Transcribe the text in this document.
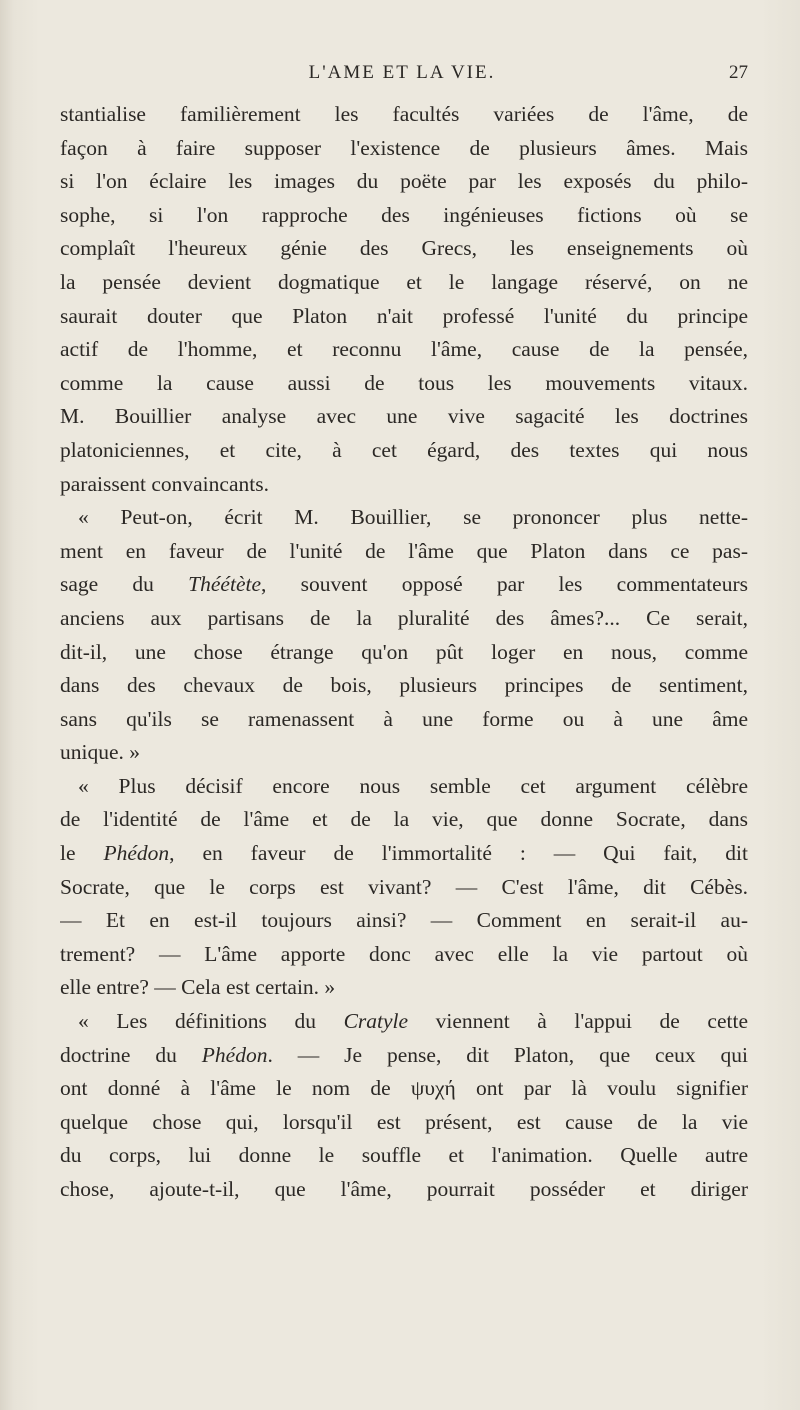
L'AME ET LA VIE.	27
stantialise familièrement les facultés variées de l'âme, de
façon à faire supposer l'existence de plusieurs âmes. Mais
si l'on éclaire les images du poëte par les exposés du philo-
sophe, si l'on rapproche des ingénieuses fictions où se
complaît l'heureux génie des Grecs, les enseignements où
la pensée devient dogmatique et le langage réservé, on ne
saurait douter que Platon n'ait professé l'unité du principe
actif de l'homme, et reconnu l'âme, cause de la pensée,
comme la cause aussi de tous les mouvements vitaux.
M. Bouillier analyse avec une vive sagacité les doctrines
platoniciennes, et cite, à cet égard, des textes qui nous
paraissent convaincants.
« Peut-on, écrit M. Bouillier, se prononcer plus nette-
ment en faveur de l'unité de l'âme que Platon dans ce pas-
sage du Théétète, souvent opposé par les commentateurs
anciens aux partisans de la pluralité des âmes?... Ce serait,
dit-il, une chose étrange qu'on pût loger en nous, comme
dans des chevaux de bois, plusieurs principes de sentiment,
sans qu'ils se ramenassent à une forme ou à une âme
unique. »
« Plus décisif encore nous semble cet argument célèbre
de l'identité de l'âme et de la vie, que donne Socrate, dans
le Phédon, en faveur de l'immortalité : — Qui fait, dit
Socrate, que le corps est vivant? — C'est l'âme, dit Cébès.
— Et en est-il toujours ainsi? — Comment en serait-il au-
trement? — L'âme apporte donc avec elle la vie partout où
elle entre? — Cela est certain. »
« Les définitions du Cratyle viennent à l'appui de cette
doctrine du Phédon. — Je pense, dit Platon, que ceux qui
ont donné à l'âme le nom de ψυχή ont par là voulu signifier
quelque chose qui, lorsqu'il est présent, est cause de la vie
du corps, lui donne le souffle et l'animation. Quelle autre
chose, ajoute-t-il, que l'âme, pourrait posséder et diriger
